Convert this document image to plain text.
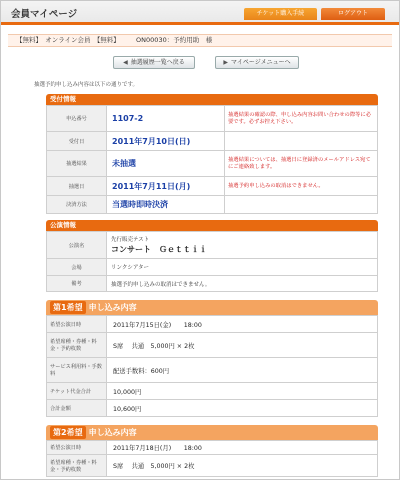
会員マイページ	チケット購入手続	ログアウト
【無料】　オンライン会員　【無料】　　　ON00030：予約用助　様
◀ 抽選履歴一覧へ戻る	▶ マイページメニューへ
抽選予約申し込み内容は以下の通りです。
受付情報
申込番号	1107-2	抽選結果の確認の際、申し込み内容お問い合わせの際等に必要です。必ずお控え下さい。
受付日	2011年7月10日(日)	
抽選結果	未抽選	抽選結果については、抽選日に登録済のメールアドレス宛てにご連絡致します。
抽選日	2011年7月11日(月)	抽選予約申し込みの取消はできません。
決済方法	当選時即時決済	
公演情報
公演名	先行販売テスト
コンサート　Ｇｅｔｔｉｉ

会場	リンクシアター
備考	抽選予約申し込みの取消はできません。
第1希望 申し込み内容
希望公演日時	2011年7月15日(金)　　18:00
希望席種・券種・料金・予約枚数	S席　 共通　5,000円 × 2枚
サービス利用料・手数料	配送手数料：600円
チケット代金合計	10,000円
合計金額	10,600円
第2希望 申し込み内容
希望公演日時	2011年7月18日(月)　　18:00
希望席種・券種・料金・予約枚数	S席　 共通　5,000円 × 2枚
